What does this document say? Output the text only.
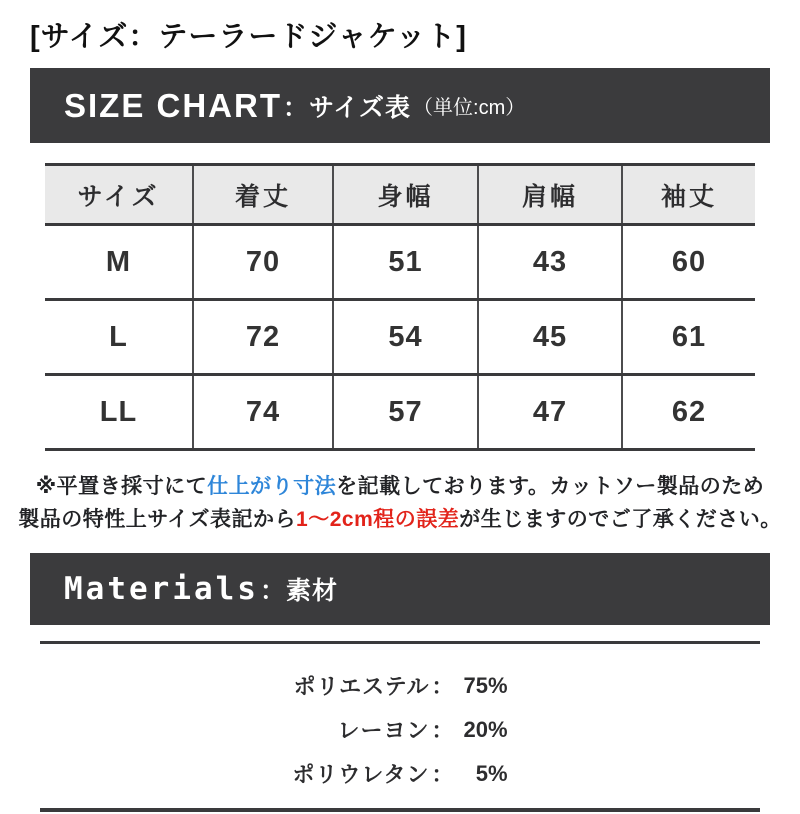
[サイズ：テーラードジャケット]
SIZE CHART ： サイズ表 （単位:cm）
サイズ	着丈	身幅	肩幅	袖丈
M	70	51	43	60
L	72	54	45	61
LL	74	57	47	62
※平置き採寸にて仕上がり寸法を記載しております。カットソー製品のため
製品の特性上サイズ表記から1〜2cm程の誤差が生じますのでご了承ください。
Materials ： 素材
ポリエステル ： 75%
レーヨン ： 20%
ポリウレタン ：	5%
